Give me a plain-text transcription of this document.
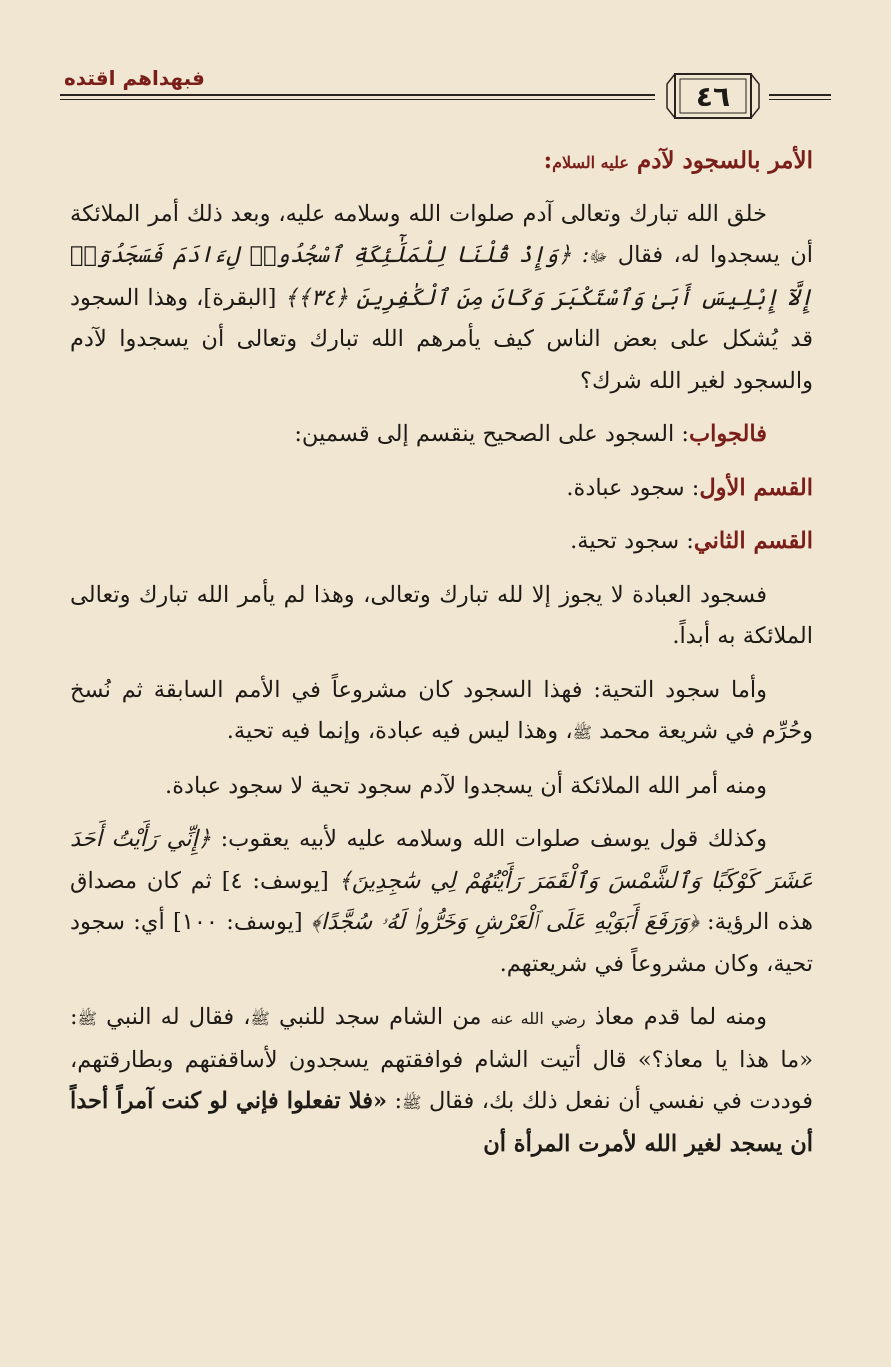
فبهداهم اقتده
٤٦

الأمر بالسجود لآدم عليه السلام:

خلق الله تبارك وتعالى آدم صلوات الله وسلامه عليه، وبعد ذلك أمر الملائكة أن يسجدوا له، فقال ﷻ: ﴿وَإِذْ قُلْنَا لِلْمَلَٰٓئِكَةِ ٱسْجُدُوا۟ لِءَادَمَ فَسَجَدُوٓا۟ إِلَّآ إِبْلِيسَ أَبَىٰ وَٱسْتَكْبَرَ وَكَانَ مِنَ ٱلْكَٰفِرِينَ ﴿٣٤﴾﴾ [البقرة]، وهذا السجود قد يُشكل على بعض الناس كيف يأمرهم الله تبارك وتعالى أن يسجدوا لآدم والسجود لغير الله شرك؟

فالجواب: السجود على الصحيح ينقسم إلى قسمين:

القسم الأول: سجود عبادة.

القسم الثاني: سجود تحية.

فسجود العبادة لا يجوز إلا لله تبارك وتعالى، وهذا لم يأمر الله تبارك وتعالى الملائكة به أبداً.

وأما سجود التحية: فهذا السجود كان مشروعاً في الأمم السابقة ثم نُسخ وحُرِّم في شريعة محمد ﷺ، وهذا ليس فيه عبادة، وإنما فيه تحية.

ومنه أمر الله الملائكة أن يسجدوا لآدم سجود تحية لا سجود عبادة.

وكذلك قول يوسف صلوات الله وسلامه عليه لأبيه يعقوب: ﴿إِنِّي رَأَيْتُ أَحَدَ عَشَرَ كَوْكَبًا وَٱلشَّمْسَ وَٱلْقَمَرَ رَأَيْتُهُمْ لِي سَٰجِدِينَ﴾ [يوسف: ٤] ثم كان مصداق هذه الرؤية: ﴿وَرَفَعَ أَبَوَيْهِ عَلَى ٱلْعَرْشِ وَخَرُّوا۟ لَهُۥ سُجَّدًا﴾ [يوسف: ١٠٠] أي: سجود تحية، وكان مشروعاً في شريعتهم.

ومنه لما قدم معاذ رضي الله عنه من الشام سجد للنبي ﷺ، فقال له النبي ﷺ: «ما هذا يا معاذ؟» قال أتيت الشام فوافقتهم يسجدون لأساقفتهم وبطارقتهم، فوددت في نفسي أن نفعل ذلك بك، فقال ﷺ: «فلا تفعلوا فإني لو كنت آمراً أحداً أن يسجد لغير الله لأمرت المرأة أن
